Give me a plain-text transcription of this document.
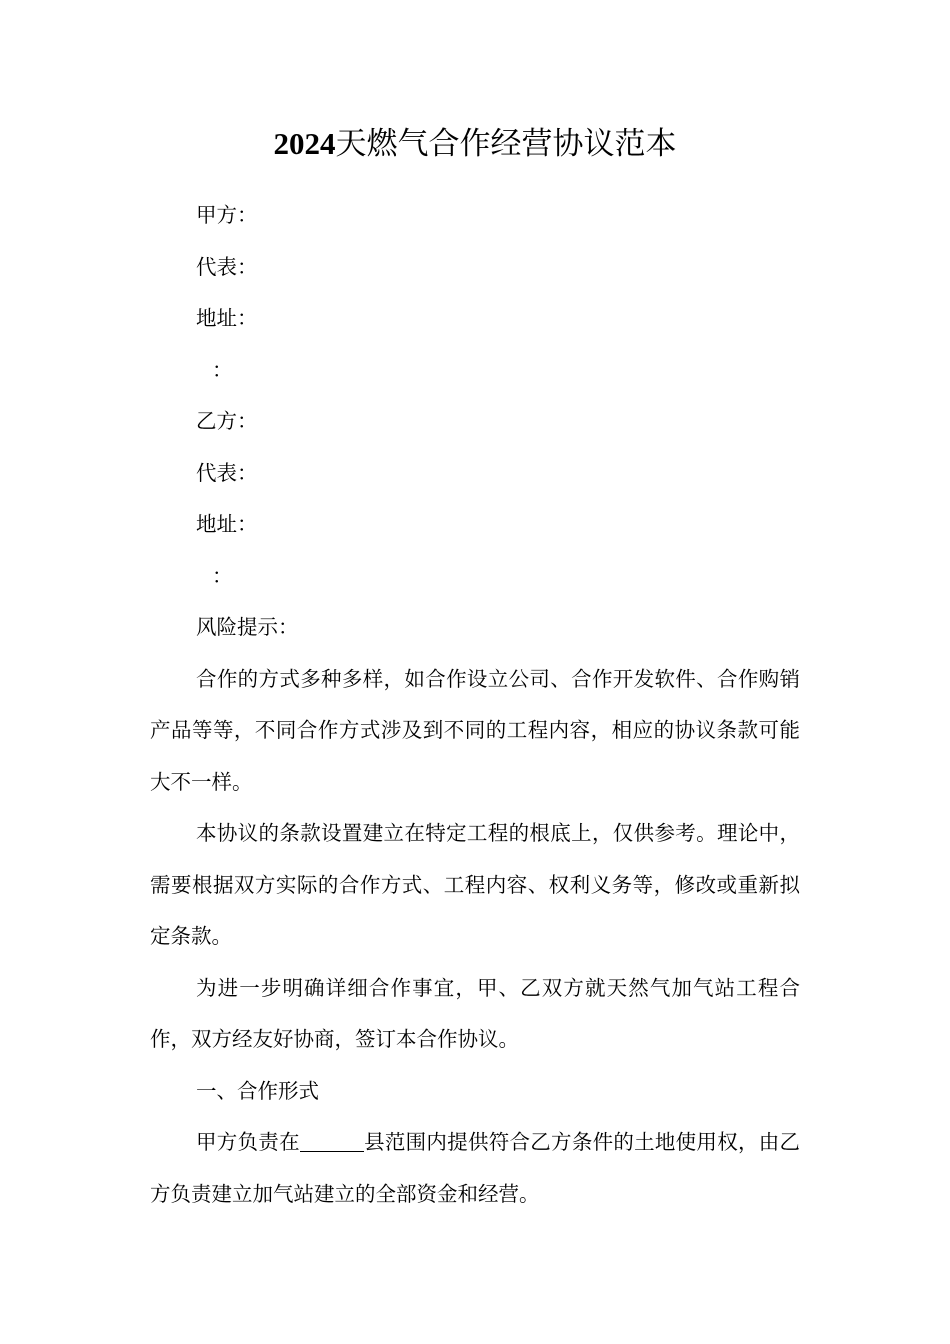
2024天燃气合作经营协议范本

甲方：

代表：

地址：

：

乙方：

代表：

地址：

：

风险提示：

合作的方式多种多样，如合作设立公司、合作开发软件、合作购销产品等等，不同合作方式涉及到不同的工程内容，相应的协议条款可能大不一样。

本协议的条款设置建立在特定工程的根底上，仅供参考。理论中，需要根据双方实际的合作方式、工程内容、权利义务等，修改或重新拟定条款。

为进一步明确详细合作事宜，甲、乙双方就天然气加气站工程合作，双方经友好协商，签订本合作协议。

一、合作形式

甲方负责在	县范围内提供符合乙方条件的土地使用权，由乙方负责建立加气站建立的全部资金和经营。
